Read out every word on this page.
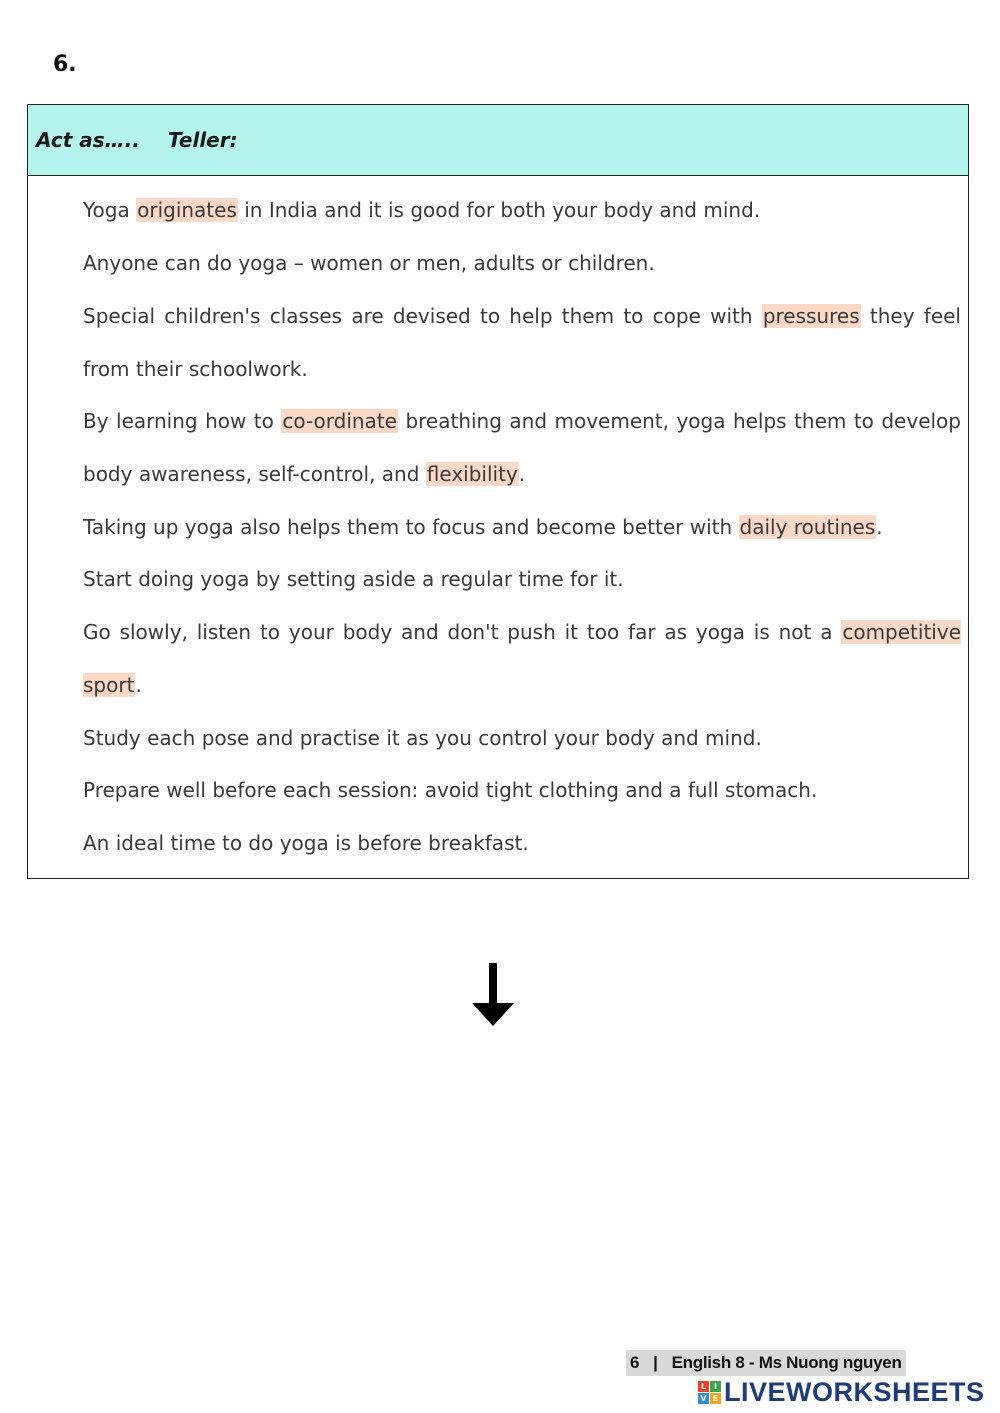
6.
Act as….. Teller:
Yoga originates in India and it is good for both your body and mind.
Anyone can do yoga – women or men, adults or children.
Special children's classes are devised to help them to cope with pressures they feel from their schoolwork.
By learning how to co-ordinate breathing and movement, yoga helps them to develop body awareness, self-control, and flexibility.
Taking up yoga also helps them to focus and become better with daily routines.
Start doing yoga by setting aside a regular time for it.
Go slowly, listen to your body and don't push it too far as yoga is not a competitive sport.
Study each pose and practise it as you control your body and mind.
Prepare well before each session: avoid tight clothing and a full stomach.
An ideal time to do yoga is before breakfast.
6 | English 8 - Ms Nuong nguyen
L I
V E LIVEWORKSHEETS
